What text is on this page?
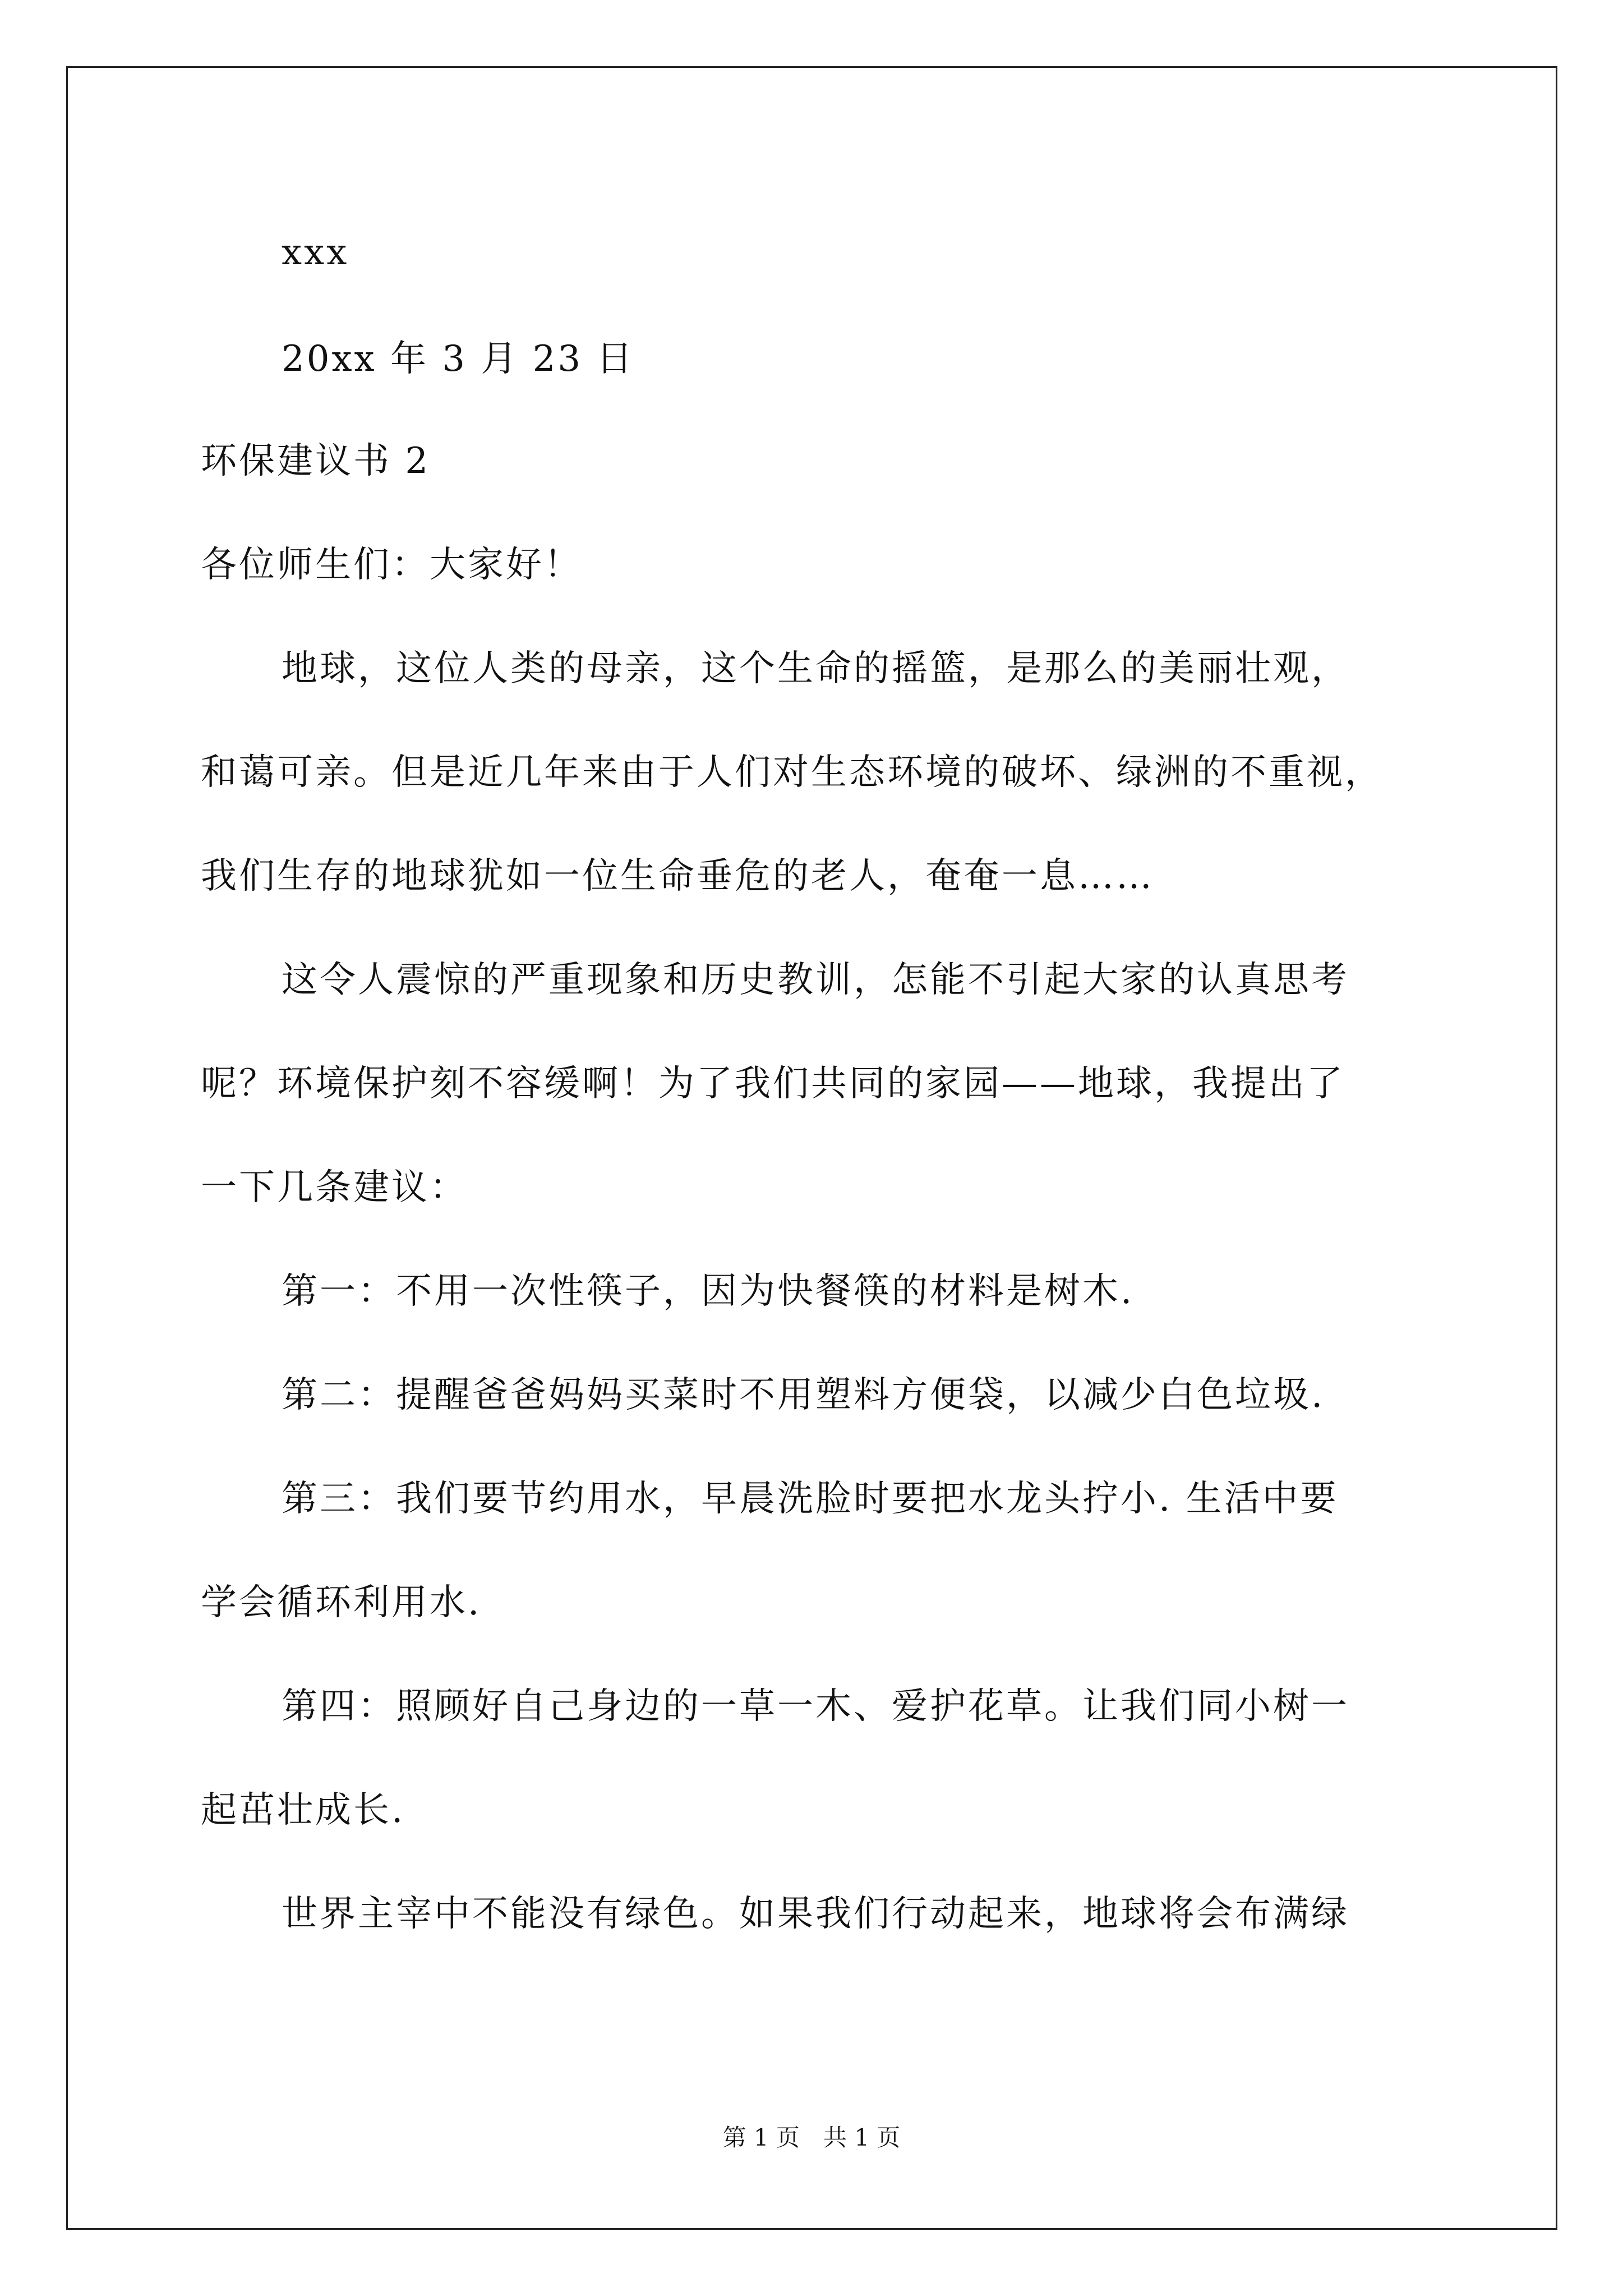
xxx
20xx 年 3 月 23 日
环保建议书 2
各位师生们：大家好！
地球，这位人类的母亲，这个生命的摇篮，是那么的美丽壮观，
和蔼可亲。但是近几年来由于人们对生态环境的破坏、绿洲的不重视，
我们生存的地球犹如一位生命垂危的老人，奄奄一息……
这令人震惊的严重现象和历史教训，怎能不引起大家的认真思考
呢？环境保护刻不容缓啊！为了我们共同的家园——地球，我提出了
一下几条建议：
第一：不用一次性筷子，因为快餐筷的材料是树木.
第二：提醒爸爸妈妈买菜时不用塑料方便袋，以减少白色垃圾.
第三：我们要节约用水，早晨洗脸时要把水龙头拧小. 生活中要
学会循环利用水.
第四：照顾好自己身边的一草一木、爱护花草。让我们同小树一
起茁壮成长.
世界主宰中不能没有绿色。如果我们行动起来，地球将会布满绿
第 1 页　共 1 页
